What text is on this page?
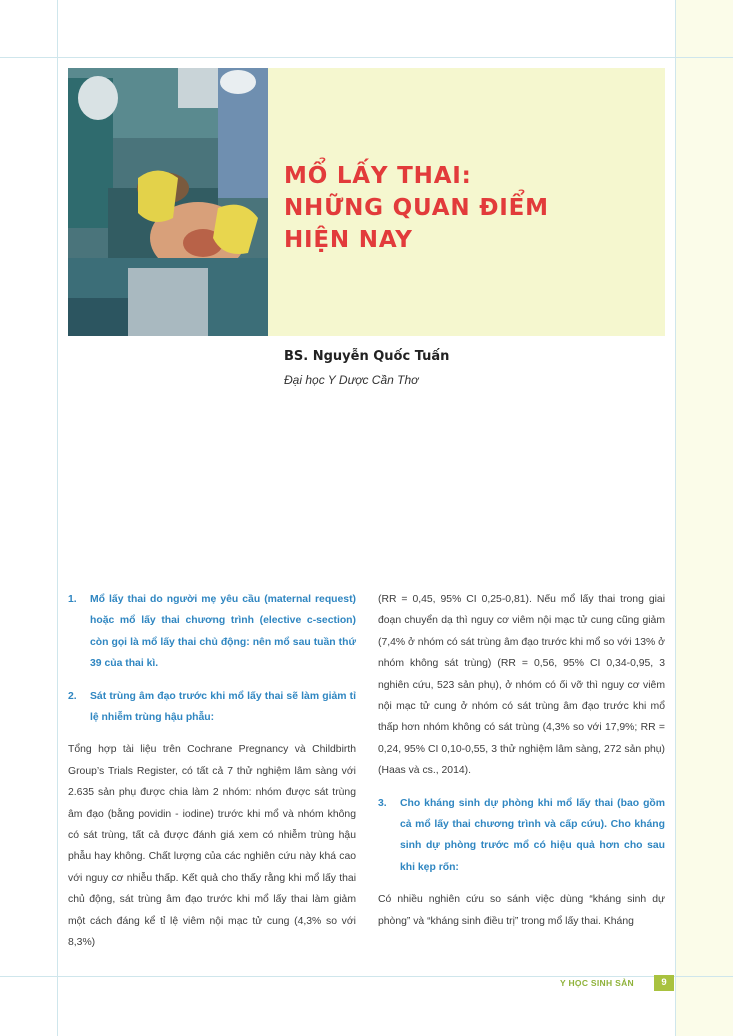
MỔ LẤY THAI:
NHỮNG QUAN ĐIỂM
HIỆN NAY
BS. Nguyễn Quốc Tuấn
Đại học Y Dược Cần Thơ
1.	Mổ lấy thai do người mẹ yêu cầu (maternal request) hoặc mổ lấy thai chương trình (elective c-section) còn gọi là mổ lấy thai chủ động: nên mổ sau tuần thứ 39 của thai kì.
2.	Sát trùng âm đạo trước khi mổ lấy thai sẽ làm giảm tỉ lệ nhiễm trùng hậu phẫu:

Tổng hợp tài liệu trên Cochrane Pregnancy và Childbirth Group’s Trials Register, có tất cả 7 thử nghiệm lâm sàng với 2.635 sản phụ được chia làm 2 nhóm: nhóm được sát trùng âm đạo (bằng povidin - iodine) trước khi mổ và nhóm không có sát trùng, tất cả được đánh giá xem có nhiễm trùng hậu phẫu hay không. Chất lượng của các nghiên cứu này khá cao với nguy cơ nhiễu thấp. Kết quả cho thấy rằng khi mổ lấy thai chủ động, sát trùng âm đạo trước khi mổ lấy thai làm giảm một cách đáng kể tỉ lệ viêm nội mạc tử cung (4,3% so với 8,3%)

(RR = 0,45, 95% CI 0,25-0,81). Nếu mổ lấy thai trong giai đoạn chuyển dạ thì nguy cơ viêm nội mạc tử cung cũng giảm (7,4% ở nhóm có sát trùng âm đạo trước khi mổ so với 13% ở nhóm không sát trùng) (RR = 0,56, 95% CI 0,34-0,95, 3 nghiên cứu, 523 sản phụ), ở nhóm có ối vỡ thì nguy cơ viêm nội mạc tử cung ở nhóm có sát trùng âm đạo trước khi mổ thấp hơn nhóm không có sát trùng (4,3% so với 17,9%; RR = 0,24, 95% CI 0,10-0,55, 3 thử nghiệm lâm sàng, 272 sản phụ) (Haas và cs., 2014).

3.	Cho kháng sinh dự phòng khi mổ lấy thai (bao gồm cả mổ lấy thai chương trình và cấp cứu). Cho kháng sinh dự phòng trước mổ có hiệu quả hơn cho sau khi kẹp rốn:

Có nhiều nghiên cứu so sánh việc dùng “kháng sinh dự phòng” và “kháng sinh điều trị” trong mổ lấy thai. Kháng

Y HỌC SINH SẢN	9
